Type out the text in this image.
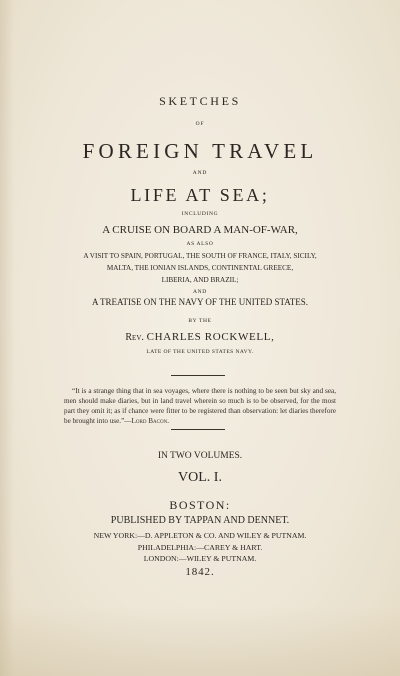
SKETCHES
OF
FOREIGN TRAVEL
AND
LIFE AT SEA;
INCLUDING
A CRUISE ON BOARD A MAN-OF-WAR,
AS ALSO
A VISIT TO SPAIN, PORTUGAL, THE SOUTH OF FRANCE, ITALY, SICILY,
MALTA, THE IONIAN ISLANDS, CONTINENTAL GREECE,
LIBERIA, AND BRAZIL;
AND
A TREATISE ON THE NAVY OF THE UNITED STATES.
BY THE
Rev. CHARLES ROCKWELL,
LATE OF THE UNITED STATES NAVY.
“It is a strange thing that in sea voyages, where there is nothing to be seen but sky and sea, men should make diaries, but in land travel wherein so much is to be observed, for the most part they omit it; as if chance were fitter to be registered than observation: let diaries therefore be brought into use.”—Lord Bacon.
IN TWO VOLUMES.
VOL. I.
BOSTON:
PUBLISHED BY TAPPAN AND DENNET.
NEW YORK:—D. APPLETON & CO. AND WILEY & PUTNAM.
PHILADELPHIA:—CAREY & HART.
LONDON:—WILEY & PUTNAM.
1842.
